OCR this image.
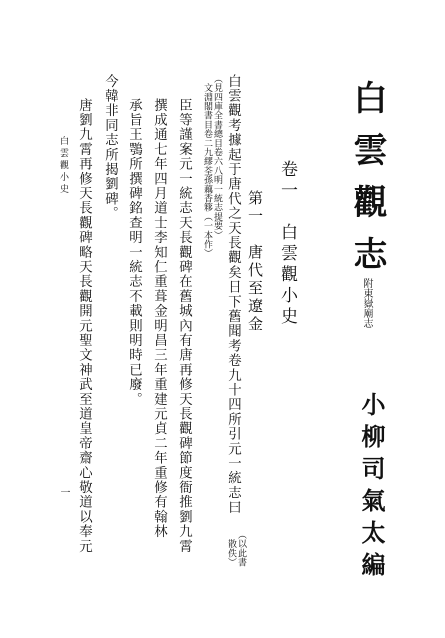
白雲觀志
附東嶽廟志
小柳司氣太編
白雲觀考據起于唐代之天長觀矣日下舊聞考卷九十四所引元一統志曰
（以此書
　散佚）
（見四庫全書總目卷六八明一統志提要）
　文淵閣書目卷二九繆荃孫藕香簃（一本作）	卷一　白雲觀小史
第一　唐代至遼金
臣等謹案元一統志天長觀碑在舊城內有唐再修天長觀碑節度衙推劉九霄
撰成通七年四月道士李知仁重葺金明昌三年重建元貞二年重修有翰林
承旨王鶚所撰碑銘查明一統志不載則明時已廢。
今韓非同志所揭劉碑。
唐劉九霄再修天長觀碑略天長觀開元聖文神武至道皇帝齋心敬道以奉元
白雲觀小史
一
